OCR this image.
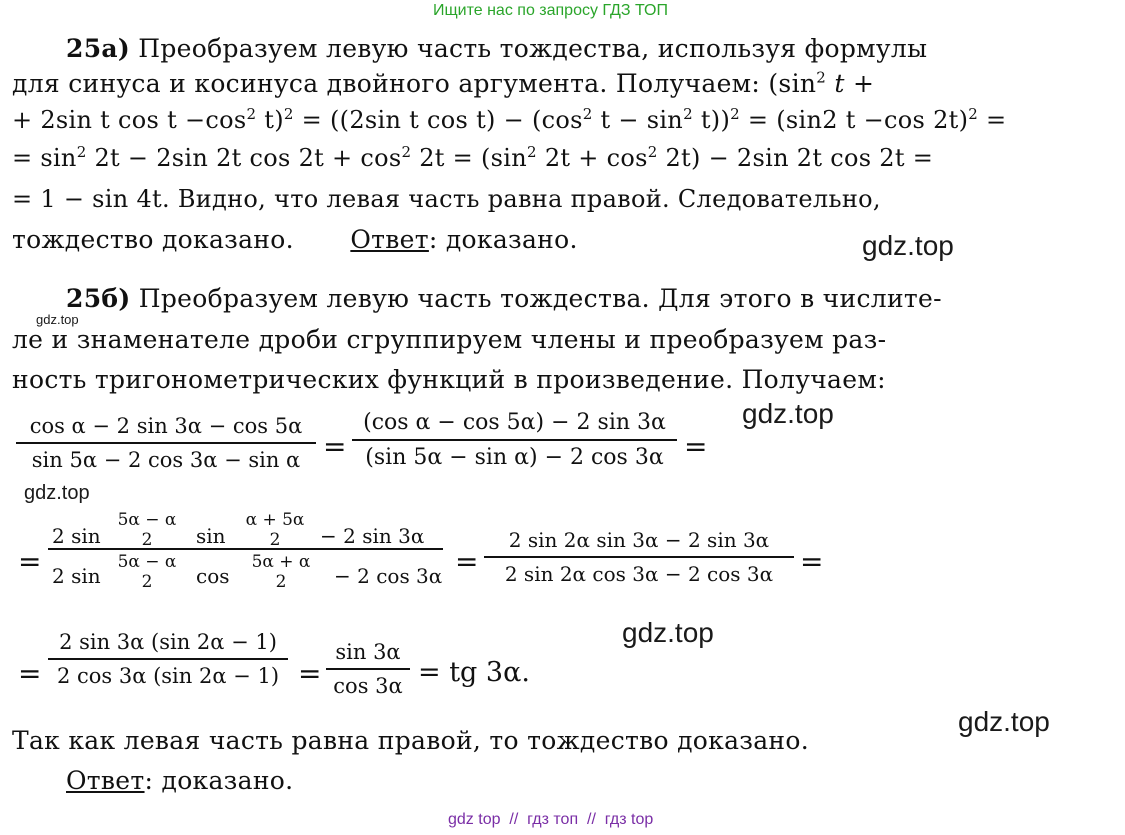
Ищите нас по запросу ГДЗ ТОП
25а) Преобразуем левую часть тождества, используя формулы
для синуса и косинуса двойного аргумента. Получаем: ($\sin^2$ t +
+ 2sin t $\cos t -\cos^2$ t)$^2$ = ((2sin t $\cos t) - (\cos^2$ $t - \sin^2 t))^2 = (\sin 2$ t −cos 2t)$^2$ =
= $\sin^2 2t - 2\sin$ 2t $\cos 2t + \cos^2 2t = (\sin^2$ $2t + \cos^2 2t) - 2\sin$ 2t cos 2t =
= 1 − sin 4t. Видно, что левая часть равна правой. Следовательно,
тождество доказано. Ответ: доказано.	gdz.top
25б) Преобразуем левую часть тождества. Для этого в числите-
gdz.top
ле и знаменателе дроби сгруппируем члены и преобразуем раз-
ность тригонометрических функций в произведение. Получаем:
cos α − 2 sin 3α − cos 5α
sin 5α − 2 cos 3α − sin α =
(cos α − cos 5α) − 2 sin 3α
(sin 5α − sin α) − 2 cos 3α =
gdz.top
gdz.top
=
2 sin
5α − α
2	sin
α + 5α
2	− 2 sin 3α
2 sin
5α − α
2	cos
5α + α
2	− 2 cos 3α =
2 sin 2α sin 3α − 2 sin 3α
2 sin 2α cos 3α − 2 cos 3α =
gdz.top
=
2 sin 3α (sin 2α − 1)
2 cos 3α (sin 2α − 1) =
sin 3α
cos 3α = tg 3α.
gdz.top
Так как левая часть равна правой, то тождество доказано.
Ответ: доказано.
gdz top  //  гдз топ  //  гдз top
